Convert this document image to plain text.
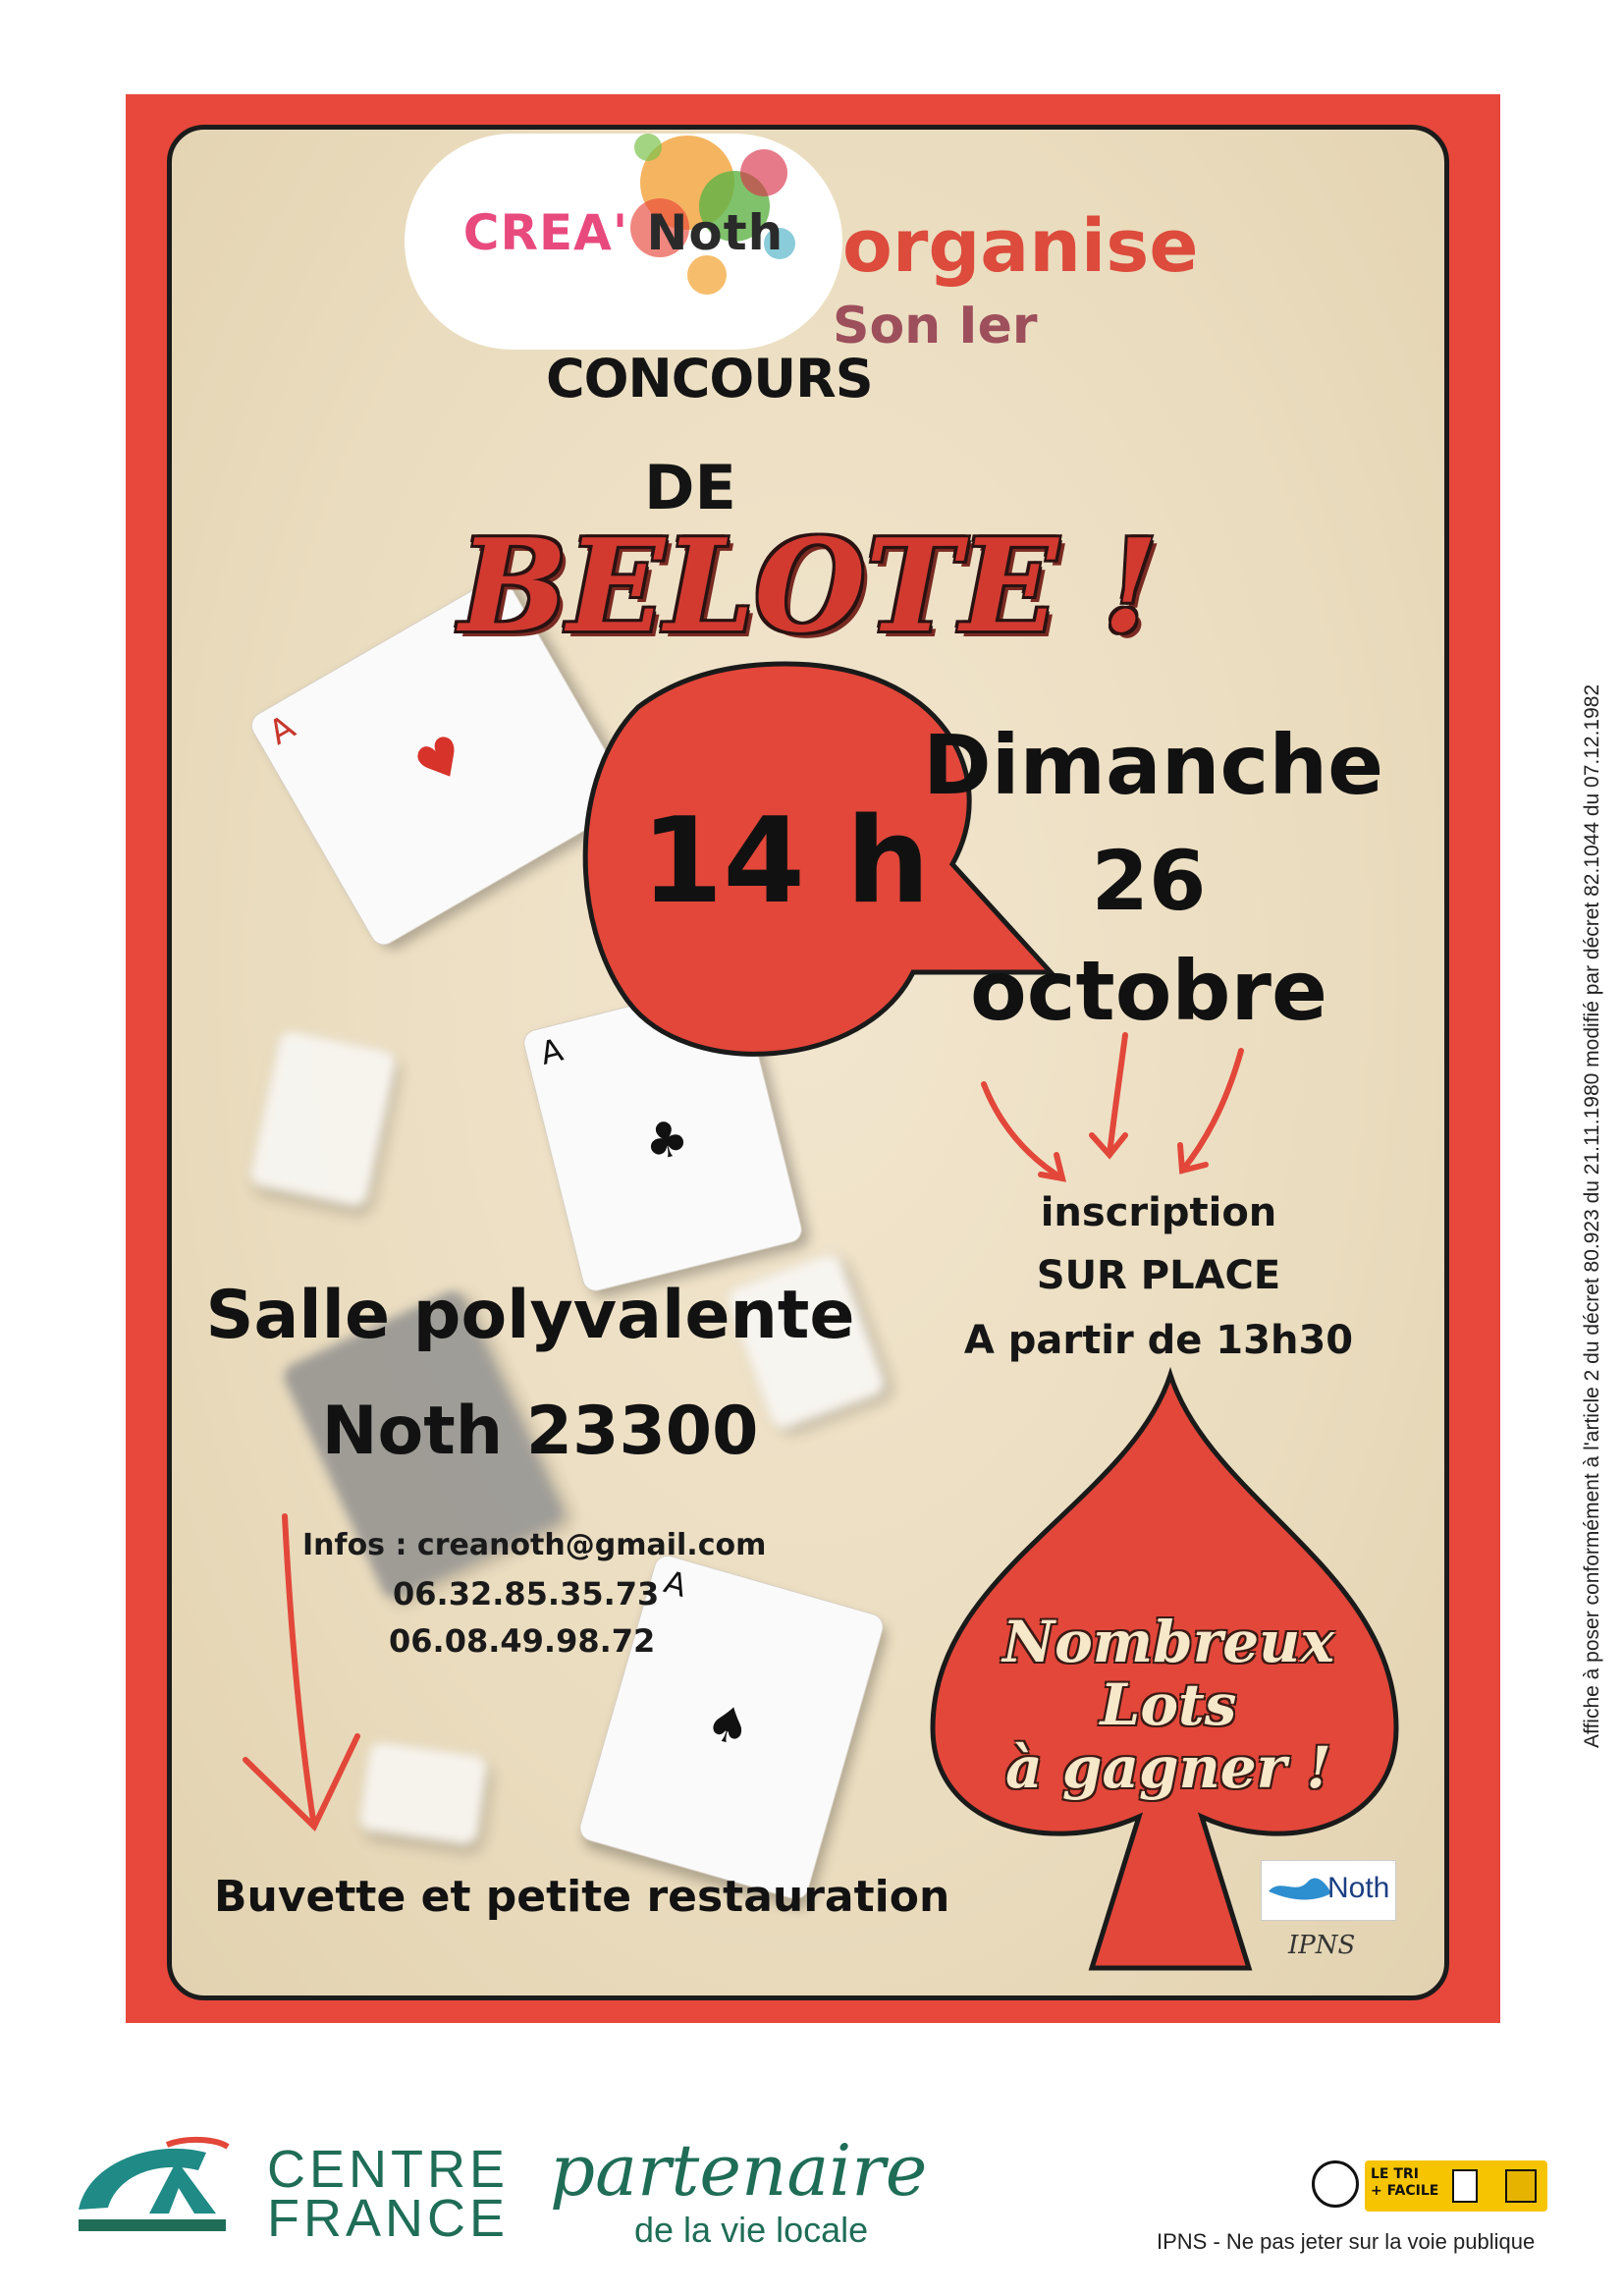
A ♥
A
♣
A
♠
CREA' Noth organise
Son Ier
CONCOURS
DE
BELOTE !
14 h
Dimanche
26
octobre
inscription
SUR PLACE
A partir de 13h30
Salle polyvalente
Noth 23300
Infos : creanoth@gmail.com
06.32.85.35.73
06.08.49.98.72
Buvette et petite restauration
Nombreux
Lots
à gagner !
Noth
IPNS
Affiche à poser conformément à l'article 2 du décret 80.923 du 21.11.1980 modifié par décret 82.1044 du 07.12.1982
CENTRE
FRANCE
partenaire
de la vie locale
LE TRI
+ FACILE
IPNS - Ne pas jeter sur la voie publique
